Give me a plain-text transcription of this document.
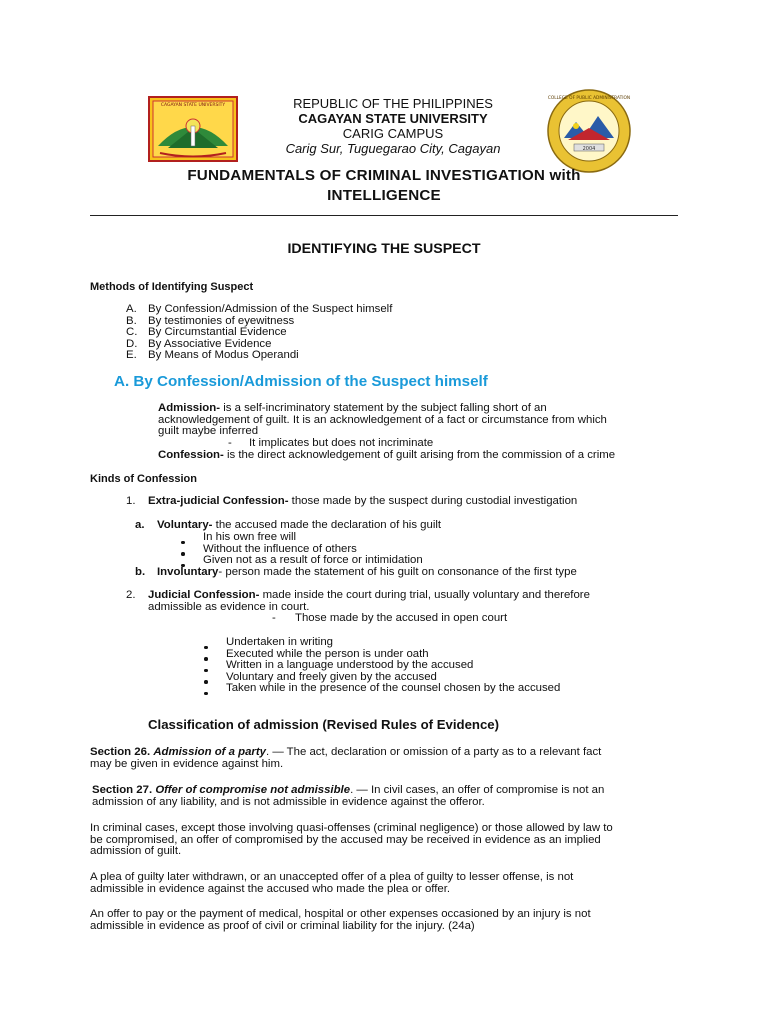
CAGAYAN STATE UNIVERSITY
2004
COLLEGE OF PUBLIC ADMINISTRATION
REPUBLIC OF THE PHILIPPINES
CAGAYAN STATE UNIVERSITY
CARIG CAMPUS
Carig Sur, Tuguegarao City, Cagayan
FUNDAMENTALS OF CRIMINAL INVESTIGATION with
INTELLIGENCE
IDENTIFYING THE SUSPECT
Methods of Identifying Suspect
A. By Confession/Admission of the Suspect himself
B. By testimonies of eyewitness
C. By Circumstantial Evidence
D. By Associative Evidence
E. By Means of Modus Operandi
A. By Confession/Admission of the Suspect himself
Admission- is a self-incriminatory statement by the subject falling short of an
acknowledgement of guilt. It is an acknowledgement of a fact or circumstance from which
guilt maybe inferred
- It implicates but does not incriminate
Confession- is the direct acknowledgement of guilt arising from the commission of a crime
Kinds of Confession
1. Extra-judicial Confession- those made by the suspect during custodial investigation
a. Voluntary- the accused made the declaration of his guilt
In his own free will
Without the influence of others
Given not as a result of force or intimidation
b. Involuntary- person made the statement of his guilt on consonance of the first type
2. Judicial Confession- made inside the court during trial, usually voluntary and therefore
admissible as evidence in court.
- Those made by the accused in open court
Undertaken in writing
Executed while the person is under oath
Written in a language understood by the accused
Voluntary and freely given by the accused
Taken while in the presence of the counsel chosen by the accused
Classification of admission (Revised Rules of Evidence)
Section 26. Admission of a party. — The act, declaration or omission of a party as to a relevant fact
may be given in evidence against him.
Section 27. Offer of compromise not admissible. — In civil cases, an offer of compromise is not an
admission of any liability, and is not admissible in evidence against the offeror.
In criminal cases, except those involving quasi-offenses (criminal negligence) or those allowed by law to
be compromised, an offer of compromised by the accused may be received in evidence as an implied
admission of guilt.
A plea of guilty later withdrawn, or an unaccepted offer of a plea of guilty to lesser offense, is not
admissible in evidence against the accused who made the plea or offer.
An offer to pay or the payment of medical, hospital or other expenses occasioned by an injury is not
admissible in evidence as proof of civil or criminal liability for the injury. (24a)
